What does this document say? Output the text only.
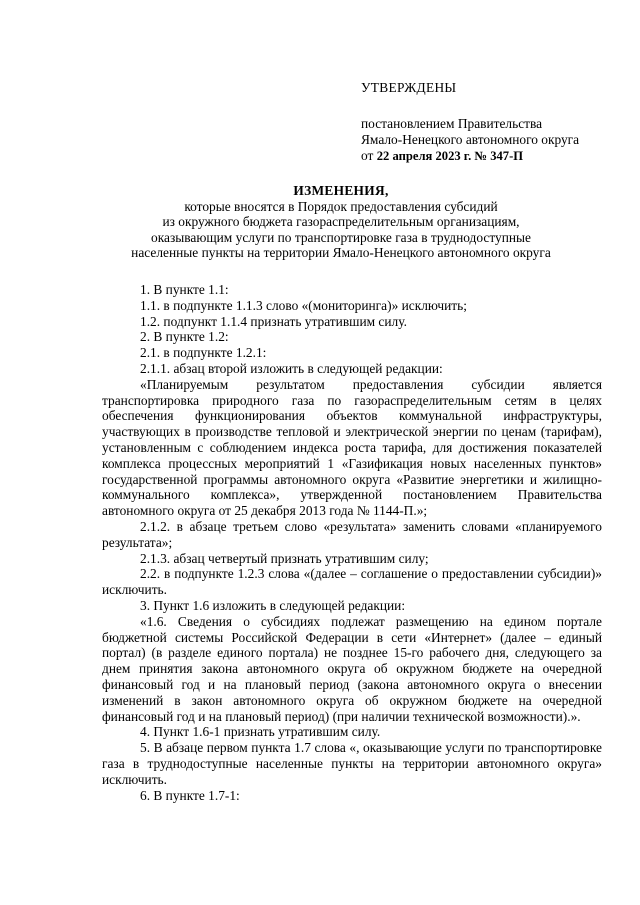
УТВЕРЖДЕНЫ
постановлением Правительства
Ямало-Ненецкого автономного округа
от 22 апреля 2023 г. № 347-П
ИЗМЕНЕНИЯ,
которые вносятся в Порядок предоставления субсидий
из окружного бюджета газораспределительным организациям,
оказывающим услуги по транспортировке газа в труднодоступные
населенные пункты на территории Ямало-Ненецкого автономного округа

1. В пункте 1.1:

1.1. в подпункте 1.1.3 слово «(мониторинга)» исключить;

1.2. подпункт 1.1.4 признать утратившим силу.

2. В пункте 1.2:

2.1. в подпункте 1.2.1:

2.1.1. абзац второй изложить в следующей редакции:

«Планируемым результатом предоставления субсидии является транспортировка природного газа по газораспределительным сетям в целях обеспечения функционирования объектов коммунальной инфраструктуры, участвующих в производстве тепловой и электрической энергии по ценам (тарифам), установленным с соблюдением индекса роста тарифа, для достижения показателей комплекса процессных мероприятий 1 «Газификация новых населенных пунктов» государственной программы автономного округа «Развитие энергетики и жилищно-коммунального комплекса», утвержденной постановлением Правительства автономного округа от 25 декабря 2013 года № 1144-П.»;

2.1.2. в абзаце третьем слово «результата» заменить словами «планируемого результата»;

2.1.3. абзац четвертый признать утратившим силу;

2.2. в подпункте 1.2.3 слова «(далее – соглашение о предоставлении субсидии)» исключить.

3. Пункт 1.6 изложить в следующей редакции:

«1.6. Сведения о субсидиях подлежат размещению на едином портале бюджетной системы Российской Федерации в сети «Интернет» (далее – единый портал) (в разделе единого портала) не позднее 15-го рабочего дня, следующего за днем принятия закона автономного округа об окружном бюджете на очередной финансовый год и на плановый период (закона автономного округа о внесении изменений в закон автономного округа об окружном бюджете на очередной финансовый год и на плановый период) (при наличии технической возможности).».

4. Пункт 1.6-1 признать утратившим силу.

5. В абзаце первом пункта 1.7 слова «, оказывающие услуги по транспортировке газа в труднодоступные населенные пункты на территории автономного округа» исключить.

6. В пункте 1.7-1:
